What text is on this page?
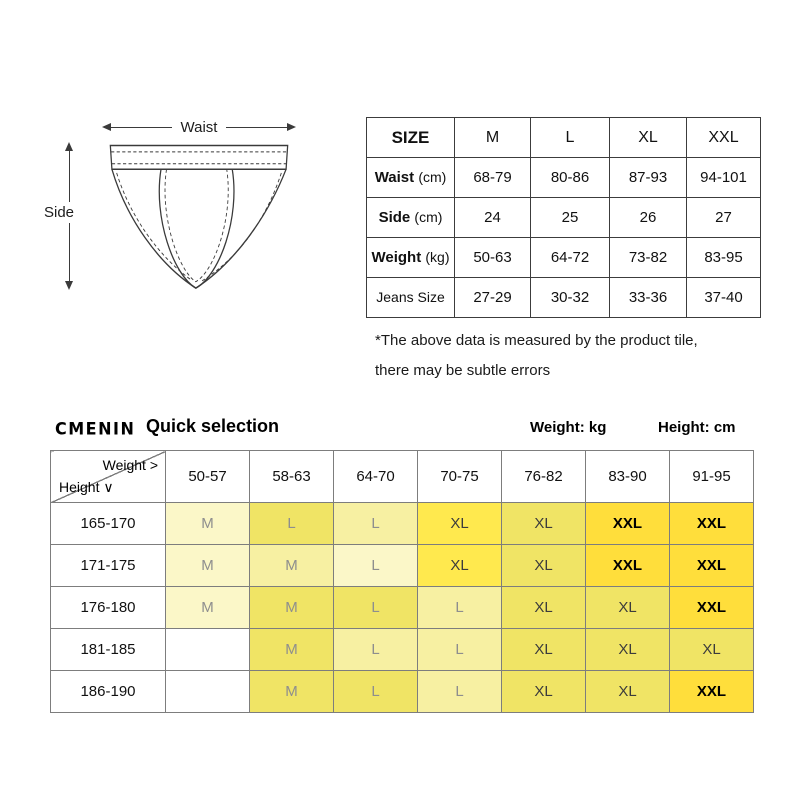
Waist
Side
SIZE	M	L	XL	XXL
Waist (cm)	68-79	80-86	87-93	94-101
Side (cm)	24	25	26	27
Weight (kg)	50-63	64-72	73-82	83-95
Jeans Size	27-29	30-32	33-36	37-40

*The above data is measured by the product tile,

there may be subtle errors

CMENIN Quick selection	Weight: kg	Height: cm
Weight >
Height ∨	50-57	58-63	64-70	70-75	76-82	83-90	91-95
165-170	M	L	L	XL	XL	XXL	XXL
171-175	M	M	L	XL	XL	XXL	XXL
176-180	M	M	L	L	XL	XL	XXL
181-185		M	L	L	XL	XL	XL
186-190		M	L	L	XL	XL	XXL
